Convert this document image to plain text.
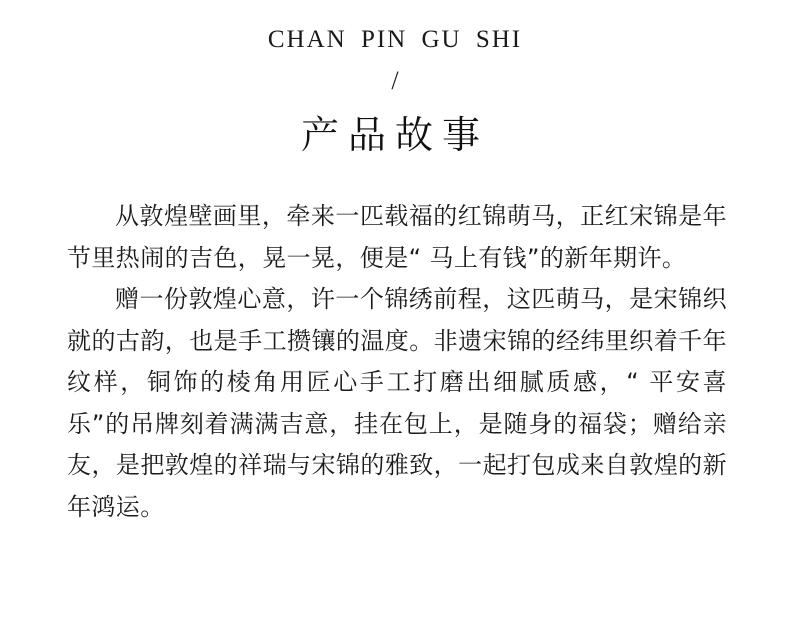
CHAN PIN GU SHI
/
产品故事

从敦煌壁画里，牵来一匹载福的红锦萌马，正红宋锦是年节里热闹的吉色，晃一晃，便是“ 马上有钱”的新年期许。

赠一份敦煌心意，许一个锦绣前程，这匹萌马，是宋锦织就的古韵，也是手工攒镶的温度。非遗宋锦的经纬里织着千年纹样，铜饰的棱角用匠心手工打磨出细腻质感，“ 平安喜乐”的吊牌刻着满满吉意，挂在包上，是随身的福袋；赠给亲友，是把敦煌的祥瑞与宋锦的雅致，一起打包成来自敦煌的新年鸿运。
